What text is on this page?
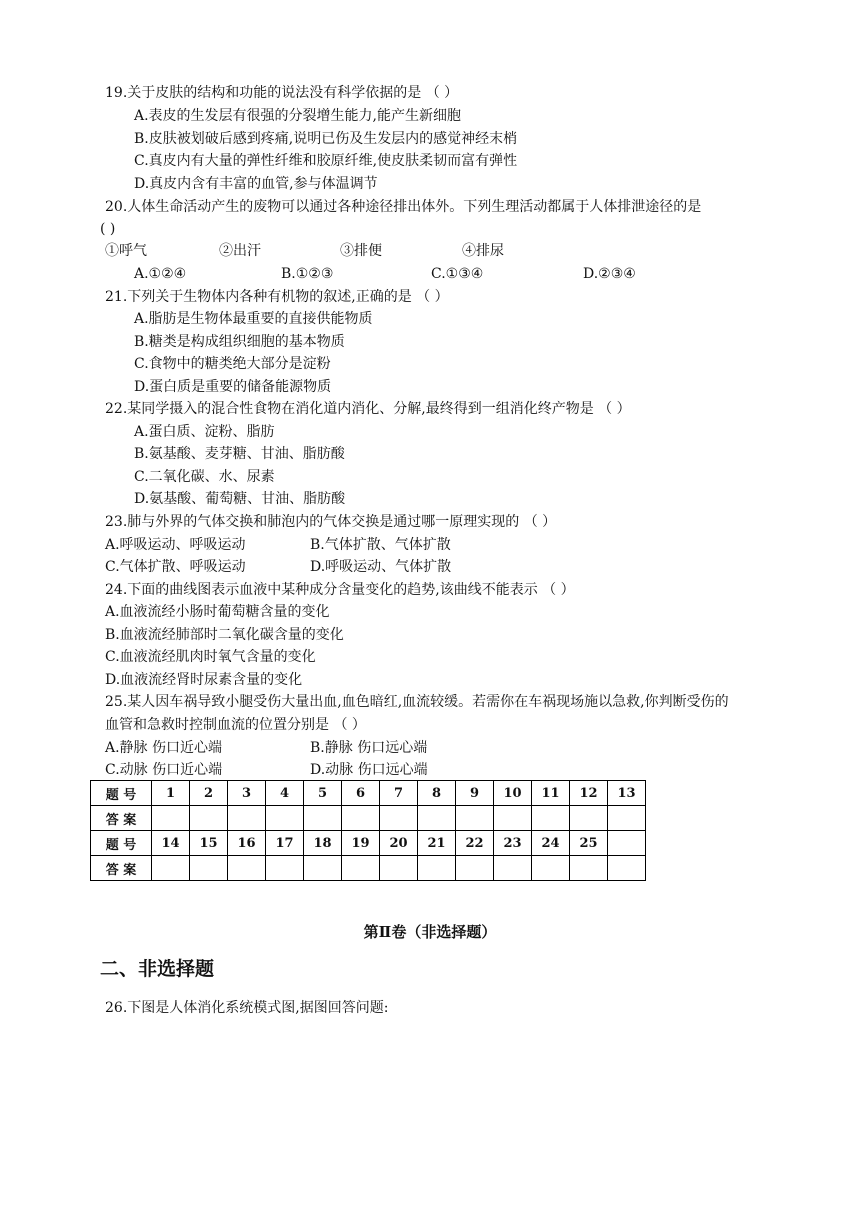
19.关于皮肤的结构和功能的说法没有科学依据的是 （ ）
A.表皮的生发层有很强的分裂增生能力,能产生新细胞
B.皮肤被划破后感到疼痛,说明已伤及生发层内的感觉神经末梢
C.真皮内有大量的弹性纤维和胶原纤维,使皮肤柔韧而富有弹性
D.真皮内含有丰富的血管,参与体温调节
20.人体生命活动产生的废物可以通过各种途径排出体外。下列生理活动都属于人体排泄途径的是
( )
①呼气	②出汗	③排便	④排尿
A.①②④	B.①②③	C.①③④	D.②③④
21.下列关于生物体内各种有机物的叙述,正确的是 （ ）
A.脂肪是生物体最重要的直接供能物质
B.糖类是构成组织细胞的基本物质
C.食物中的糖类绝大部分是淀粉
D.蛋白质是重要的储备能源物质
22.某同学摄入的混合性食物在消化道内消化、分解,最终得到一组消化终产物是 （ ）
A.蛋白质、淀粉、脂肪
B.氨基酸、麦芽糖、甘油、脂肪酸
C.二氧化碳、水、尿素
D.氨基酸、葡萄糖、甘油、脂肪酸
23.肺与外界的气体交换和肺泡内的气体交换是通过哪一原理实现的 （ ）
A.呼吸运动、呼吸运动	B.气体扩散、气体扩散
C.气体扩散、呼吸运动	D.呼吸运动、气体扩散
24.下面的曲线图表示血液中某种成分含量变化的趋势,该曲线不能表示 （ ）
A.血液流经小肠时葡萄糖含量的变化
B.血液流经肺部时二氧化碳含量的变化
C.血液流经肌肉时氧气含量的变化
D.血液流经肾时尿素含量的变化
25.某人因车祸导致小腿受伤大量出血,血色暗红,血流较缓。若需你在车祸现场施以急救,你判断受伤的
血管和急救时控制血流的位置分别是 （ ）
A.静脉 伤口近心端	B.静脉 伤口远心端
C.动脉 伤口近心端	D.动脉 伤口远心端
题 号	1	2	3	4	5	6	7	8	9	10	11	12	13
答 案													
题 号	14	15	16	17	18	19	20	21	22	23	24	25	
答 案													
第Ⅱ卷（非选择题）
二、非选择题
26.下图是人体消化系统模式图,据图回答问题:
